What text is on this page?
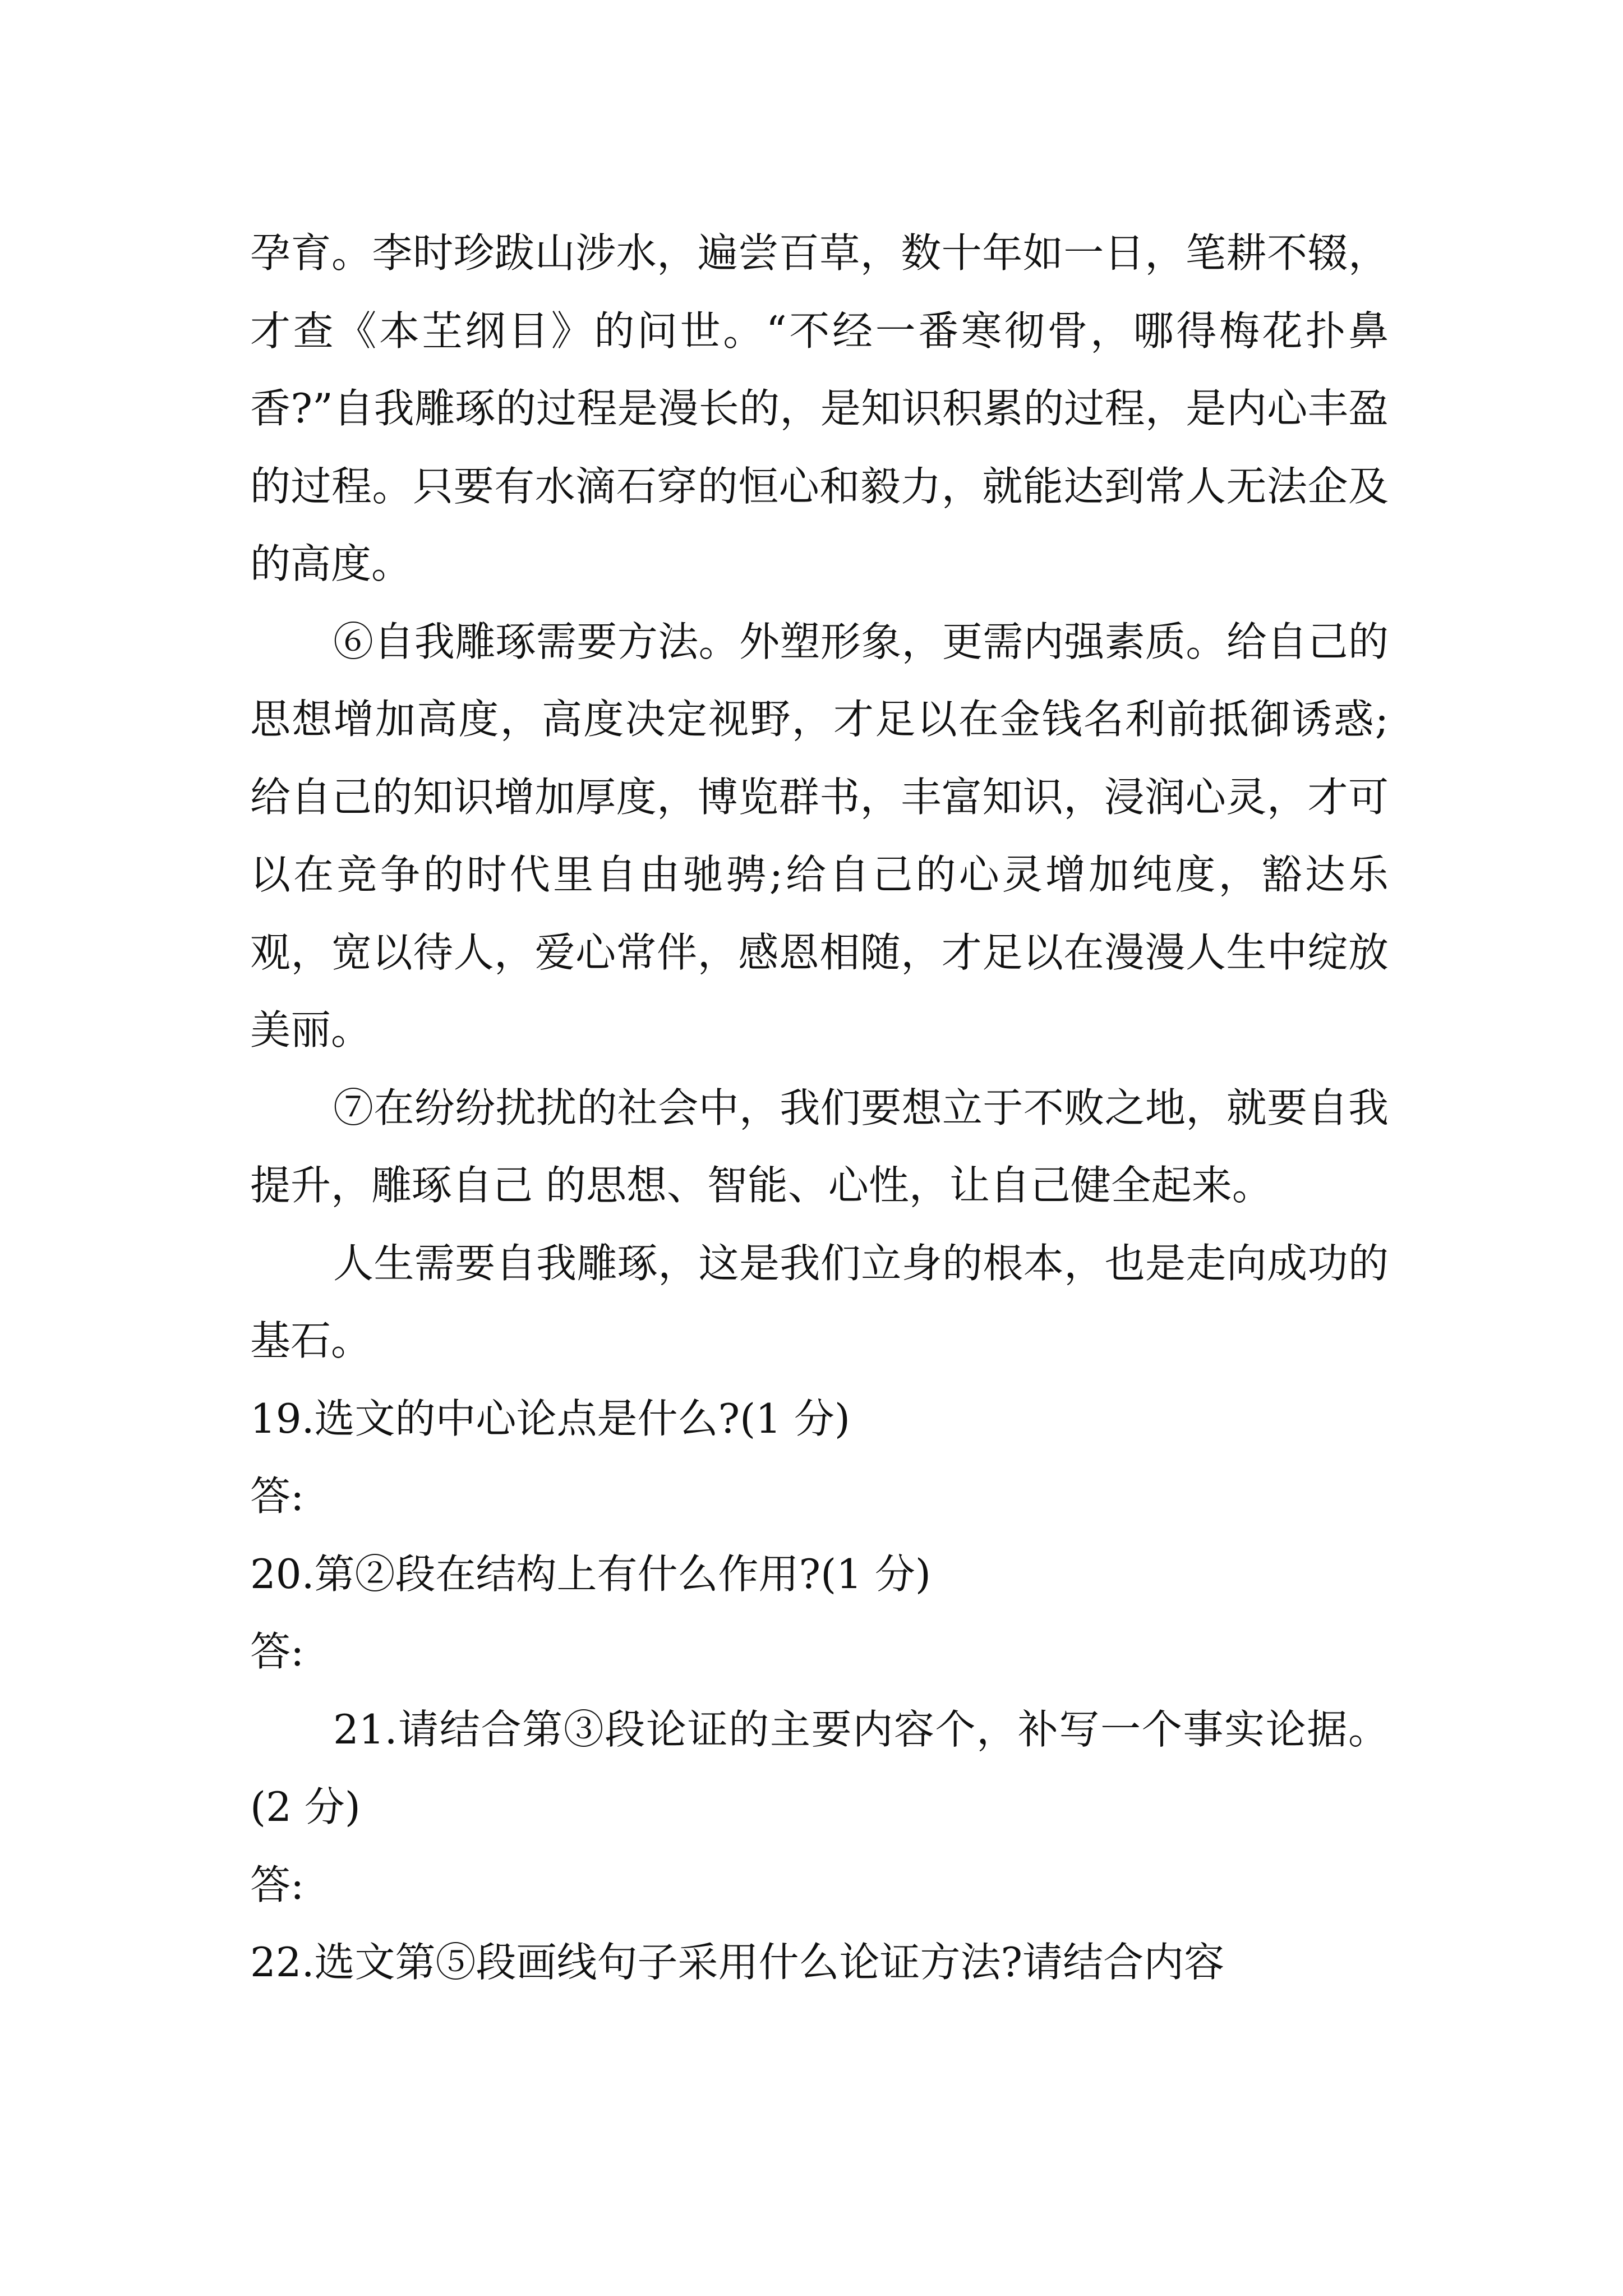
孕育。李时珍跋山涉水，遍尝百草，数十年如一日，笔耕不辍，才查《本芏纲目》的问世。“不经一番寒彻骨，哪得梅花扑鼻香?”自我雕琢的过程是漫长的，是知识积累的过程，是内心丰盈的过程。只要有水滴石穿的恒心和毅力，就能达到常人无法企及的高度。

⑥自我雕琢需要方法。外塑形象，更需内强素质。给自己的思想增加高度，高度决定视野，才足以在金钱名利前抵御诱惑;给自己的知识增加厚度，博览群书，丰富知识，浸润心灵，才可以在竞争的时代里自由驰骋;给自己的心灵增加纯度，豁达乐观，宽以待人，爱心常伴，感恩相随，才足以在漫漫人生中绽放美丽。

⑦在纷纷扰扰的社会中，我们要想立于不败之地，就要自我提升，雕琢自己 的思想、智能、心性，让自己健全起来。

人生需要自我雕琢，这是我们立身的根本，也是走向成功的基石。

19.选文的中心论点是什么?(1 分)

答:

20.第②段在结构上有什么作用?(1 分)

答:

21.请结合第③段论证的主要内容个，补写一个事实论据。(2 分)

答:

22.选文第⑤段画线句子采用什么论证方法?请结合内容
